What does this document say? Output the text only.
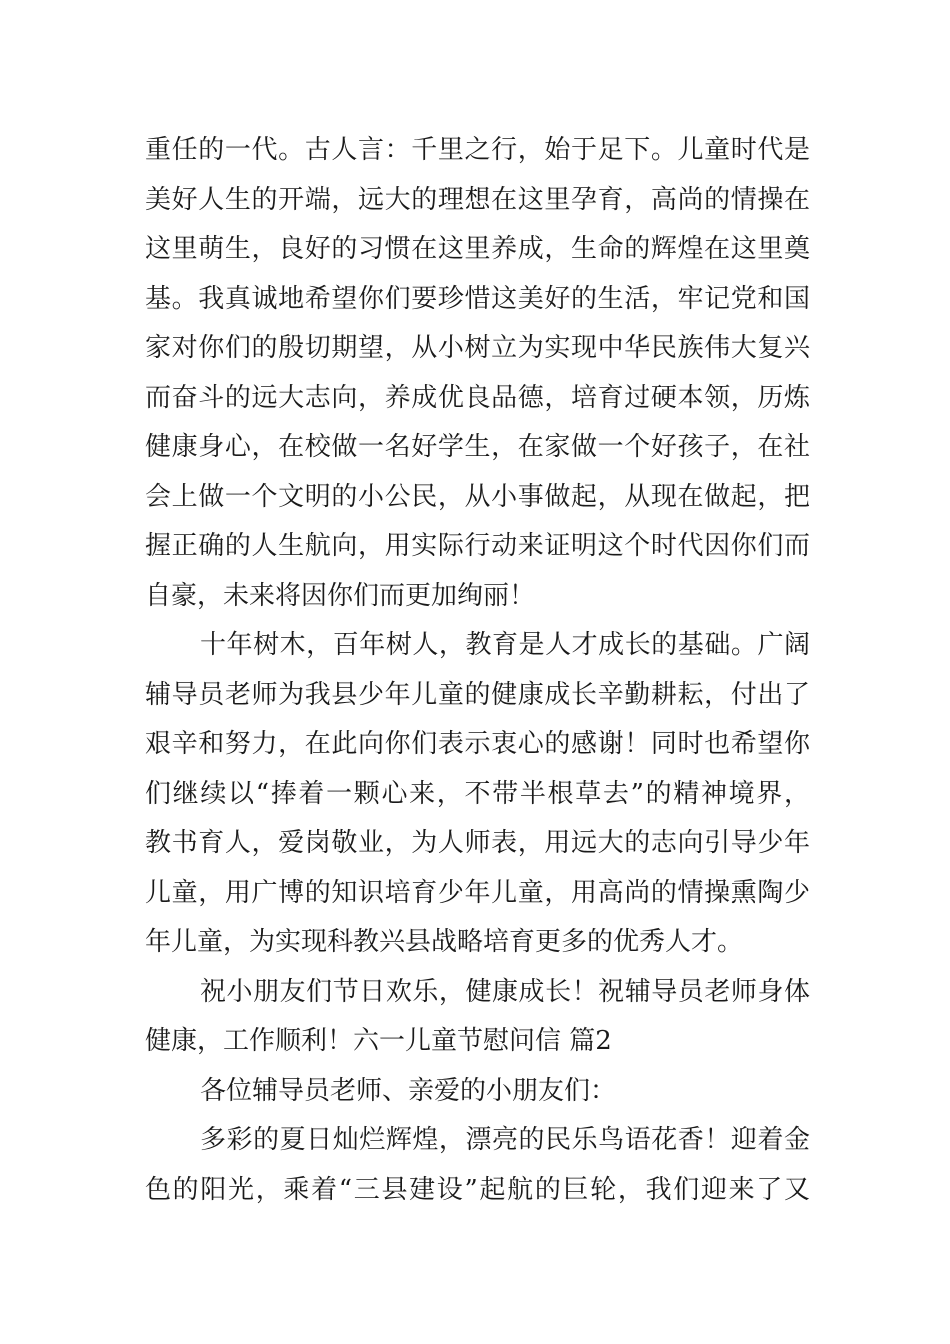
重任的一代。古人言：千里之行，始于足下。儿童时代是
美好人生的开端，远大的理想在这里孕育，高尚的情操在
这里萌生，良好的习惯在这里养成，生命的辉煌在这里奠
基。我真诚地希望你们要珍惜这美好的生活，牢记党和国
家对你们的殷切期望，从小树立为实现中华民族伟大复兴
而奋斗的远大志向，养成优良品德，培育过硬本领，历炼
健康身心，在校做一名好学生，在家做一个好孩子，在社
会上做一个文明的小公民，从小事做起，从现在做起，把
握正确的人生航向，用实际行动来证明这个时代因你们而
自豪，未来将因你们而更加绚丽！
十年树木，百年树人，教育是人才成长的基础。广阔
辅导员老师为我县少年儿童的健康成长辛勤耕耘，付出了
艰辛和努力，在此向你们表示衷心的感谢！同时也希望你
们继续以“捧着一颗心来，不带半根草去”的精神境界，
教书育人，爱岗敬业，为人师表，用远大的志向引导少年
儿童，用广博的知识培育少年儿童，用高尚的情操熏陶少
年儿童，为实现科教兴县战略培育更多的优秀人才。
祝小朋友们节日欢乐，健康成长！祝辅导员老师身体
健康，工作顺利！六一儿童节慰问信 篇2
各位辅导员老师、亲爱的小朋友们：
多彩的夏日灿烂辉煌，漂亮的民乐鸟语花香！迎着金
色的阳光，乘着“三县建设”起航的巨轮，我们迎来了又
